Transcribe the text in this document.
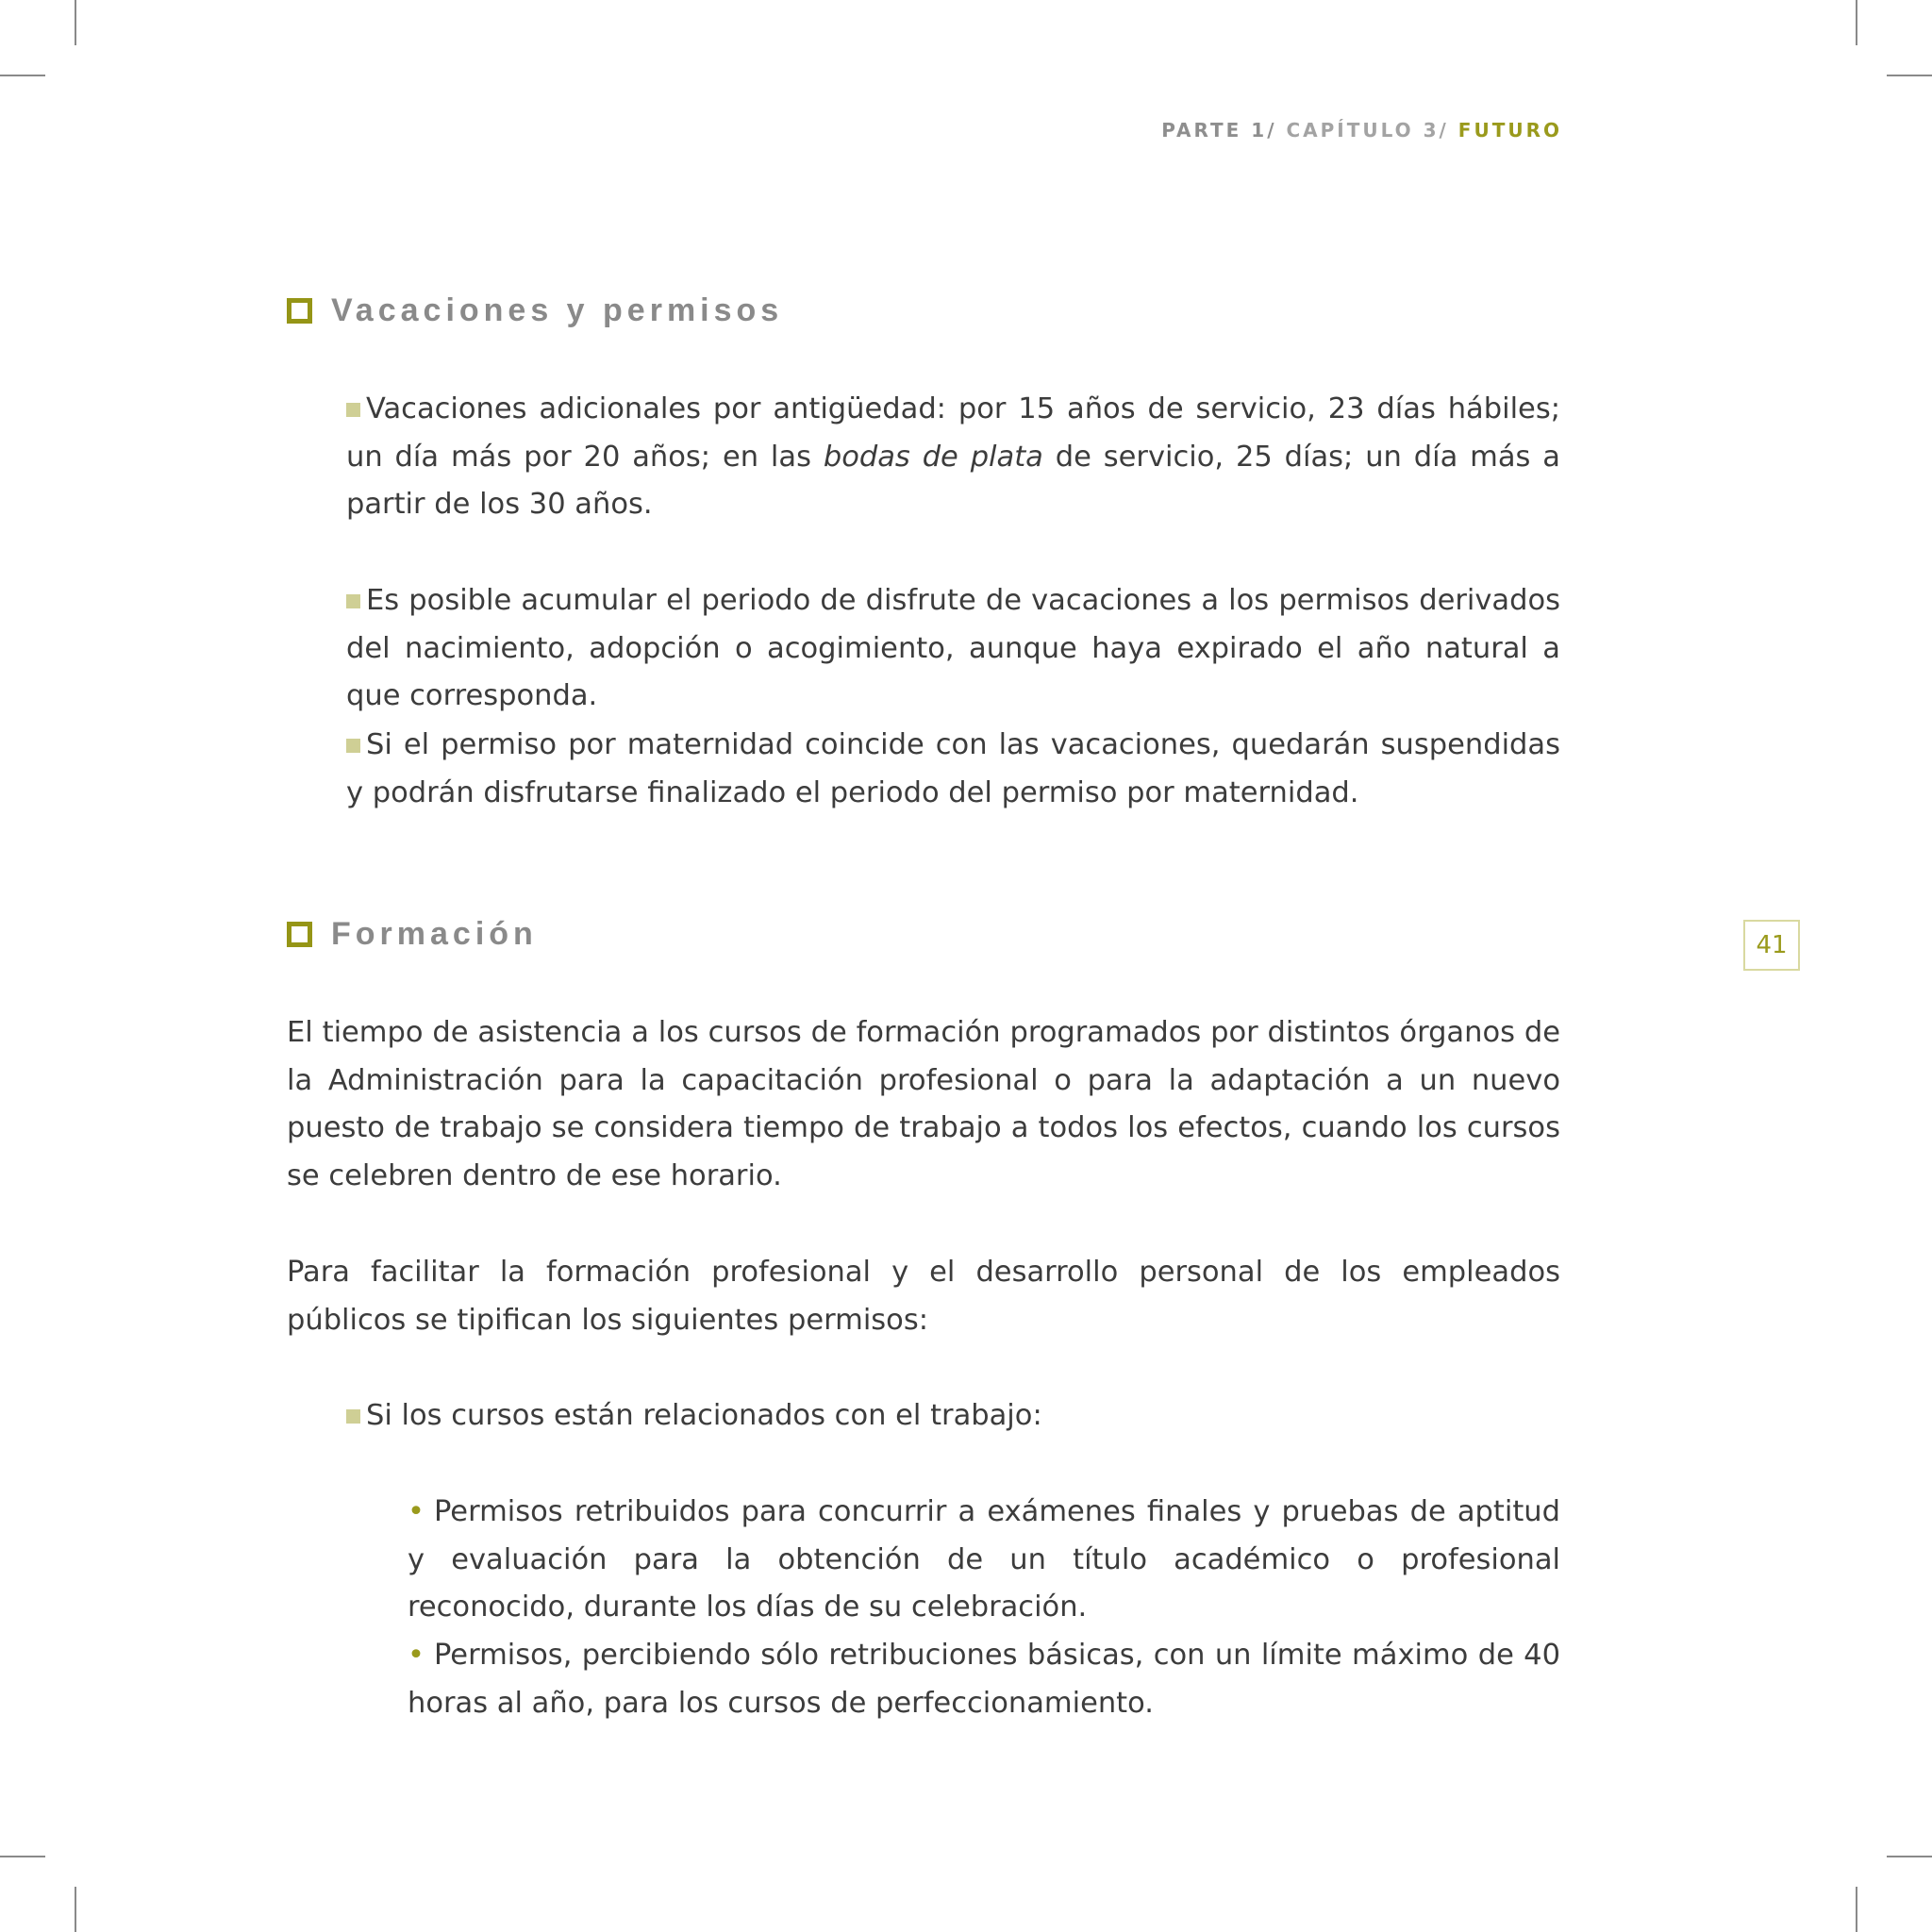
PARTE 1/ CAPÍTULO 3/ FUTURO
Vacaciones y permisos

Vacaciones adicionales por antigüedad: por 15 años de servicio, 23 días hábiles; un día más por 20 años; en las bodas de plata de servicio, 25 días; un día más a partir de los 30 años.

Es posible acumular el periodo de disfrute de vacaciones a los permisos derivados del nacimiento, adopción o acogimiento, aunque haya expirado el año natural a que corresponda.

Si el permiso por maternidad coincide con las vacaciones, quedarán suspendidas y podrán disfrutarse finalizado el periodo del permiso por maternidad.

Formación

El tiempo de asistencia a los cursos de formación programados por distintos órganos de la Administración para la capacitación profesional o para la adaptación a un nuevo puesto de trabajo se considera tiempo de trabajo a todos los efectos, cuando los cursos se celebren dentro de ese horario.

Para facilitar la formación profesional y el desarrollo personal de los empleados públicos se tipifican los siguientes permisos:

Si los cursos están relacionados con el trabajo:

• Permisos retribuidos para concurrir a exámenes finales y pruebas de aptitud y evaluación para la obtención de un título académico o profesional reconocido, durante los días de su celebración.

• Permisos, percibiendo sólo retribuciones básicas, con un límite máximo de 40 horas al año, para los cursos de perfeccionamiento.

41
